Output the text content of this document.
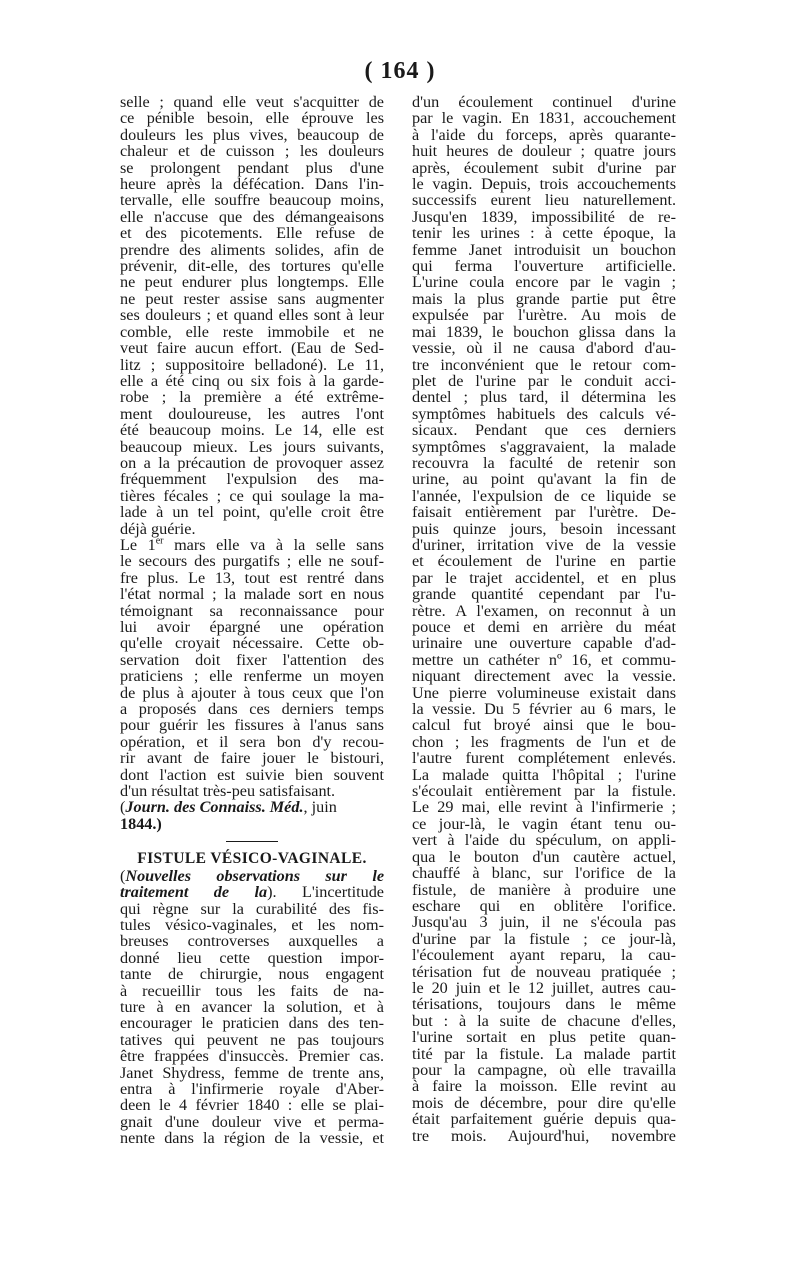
( 164 )
selle ; quand elle veut s'acquitter de
ce pénible besoin, elle éprouve les
douleurs les plus vives, beaucoup de
chaleur et de cuisson ; les douleurs
se prolongent pendant plus d'une
heure après la défécation. Dans l'in-
tervalle, elle souffre beaucoup moins,
elle n'accuse que des démangeaisons
et des picotements. Elle refuse de
prendre des aliments solides, afin de
prévenir, dit-elle, des tortures qu'elle
ne peut endurer plus longtemps. Elle
ne peut rester assise sans augmenter
ses douleurs ; et quand elles sont à leur
comble, elle reste immobile et ne
veut faire aucun effort. (Eau de Sed-
litz ; suppositoire belladoné). Le 11,
elle a été cinq ou six fois à la garde-
robe ; la première a été extrême-
ment douloureuse, les autres l'ont
été beaucoup moins. Le 14, elle est
beaucoup mieux. Les jours suivants,
on a la précaution de provoquer assez
fréquemment l'expulsion des ma-
tières fécales ; ce qui soulage la ma-
lade à un tel point, qu'elle croit être
déjà guérie.
Le 1er mars elle va à la selle sans
le secours des purgatifs ; elle ne souf-
fre plus. Le 13, tout est rentré dans
l'état normal ; la malade sort en nous
témoignant sa reconnaissance pour
lui avoir épargné une opération
qu'elle croyait nécessaire. Cette ob-
servation doit fixer l'attention des
praticiens ; elle renferme un moyen
de plus à ajouter à tous ceux que l'on
a proposés dans ces derniers temps
pour guérir les fissures à l'anus sans
opération, et il sera bon d'y recou-
rir avant de faire jouer le bistouri,
dont l'action est suivie bien souvent
d'un résultat très-peu satisfaisant.
(Journ. des Connaiss. Méd., juin
1844.)
FISTULE VÉSICO-VAGINALE.
(Nouvelles observations sur le
traitement de la). L'incertitude
qui règne sur la curabilité des fis-
tules vésico-vaginales, et les nom-
breuses controverses auxquelles a
donné lieu cette question impor-
tante de chirurgie, nous engagent
à recueillir tous les faits de na-
ture à en avancer la solution, et à
encourager le praticien dans des ten-
tatives qui peuvent ne pas toujours
être frappées d'insuccès. Premier cas.
Janet Shydress, femme de trente ans,
entra à l'infirmerie royale d'Aber-
deen le 4 février 1840 : elle se plai-
gnait d'une douleur vive et perma-
nente dans la région de la vessie, et
d'un écoulement continuel d'urine
par le vagin. En 1831, accouchement
à l'aide du forceps, après quarante-
huit heures de douleur ; quatre jours
après, écoulement subit d'urine par
le vagin. Depuis, trois accouchements
successifs eurent lieu naturellement.
Jusqu'en 1839, impossibilité de re-
tenir les urines : à cette époque, la
femme Janet introduisit un bouchon
qui ferma l'ouverture artificielle.
L'urine coula encore par le vagin ;
mais la plus grande partie put être
expulsée par l'urètre. Au mois de
mai 1839, le bouchon glissa dans la
vessie, où il ne causa d'abord d'au-
tre inconvénient que le retour com-
plet de l'urine par le conduit acci-
dentel ; plus tard, il détermina les
symptômes habituels des calculs vé-
sicaux. Pendant que ces derniers
symptômes s'aggravaient, la malade
recouvra la faculté de retenir son
urine, au point qu'avant la fin de
l'année, l'expulsion de ce liquide se
faisait entièrement par l'urètre. De-
puis quinze jours, besoin incessant
d'uriner, irritation vive de la vessie
et écoulement de l'urine en partie
par le trajet accidentel, et en plus
grande quantité cependant par l'u-
rètre. A l'examen, on reconnut à un
pouce et demi en arrière du méat
urinaire une ouverture capable d'ad-
mettre un cathéter nº 16, et commu-
niquant directement avec la vessie.
Une pierre volumineuse existait dans
la vessie. Du 5 février au 6 mars, le
calcul fut broyé ainsi que le bou-
chon ; les fragments de l'un et de
l'autre furent complétement enlevés.
La malade quitta l'hôpital ; l'urine
s'écoulait entièrement par la fistule.
Le 29 mai, elle revint à l'infirmerie ;
ce jour-là, le vagin étant tenu ou-
vert à l'aide du spéculum, on appli-
qua le bouton d'un cautère actuel,
chauffé à blanc, sur l'orifice de la
fistule, de manière à produire une
eschare qui en oblitère l'orifice.
Jusqu'au 3 juin, il ne s'écoula pas
d'urine par la fistule ; ce jour-là,
l'écoulement ayant reparu, la cau-
térisation fut de nouveau pratiquée ;
le 20 juin et le 12 juillet, autres cau-
térisations, toujours dans le même
but : à la suite de chacune d'elles,
l'urine sortait en plus petite quan-
tité par la fistule. La malade partit
pour la campagne, où elle travailla
à faire la moisson. Elle revint au
mois de décembre, pour dire qu'elle
était parfaitement guérie depuis qua-
tre mois. Aujourd'hui, novembre
